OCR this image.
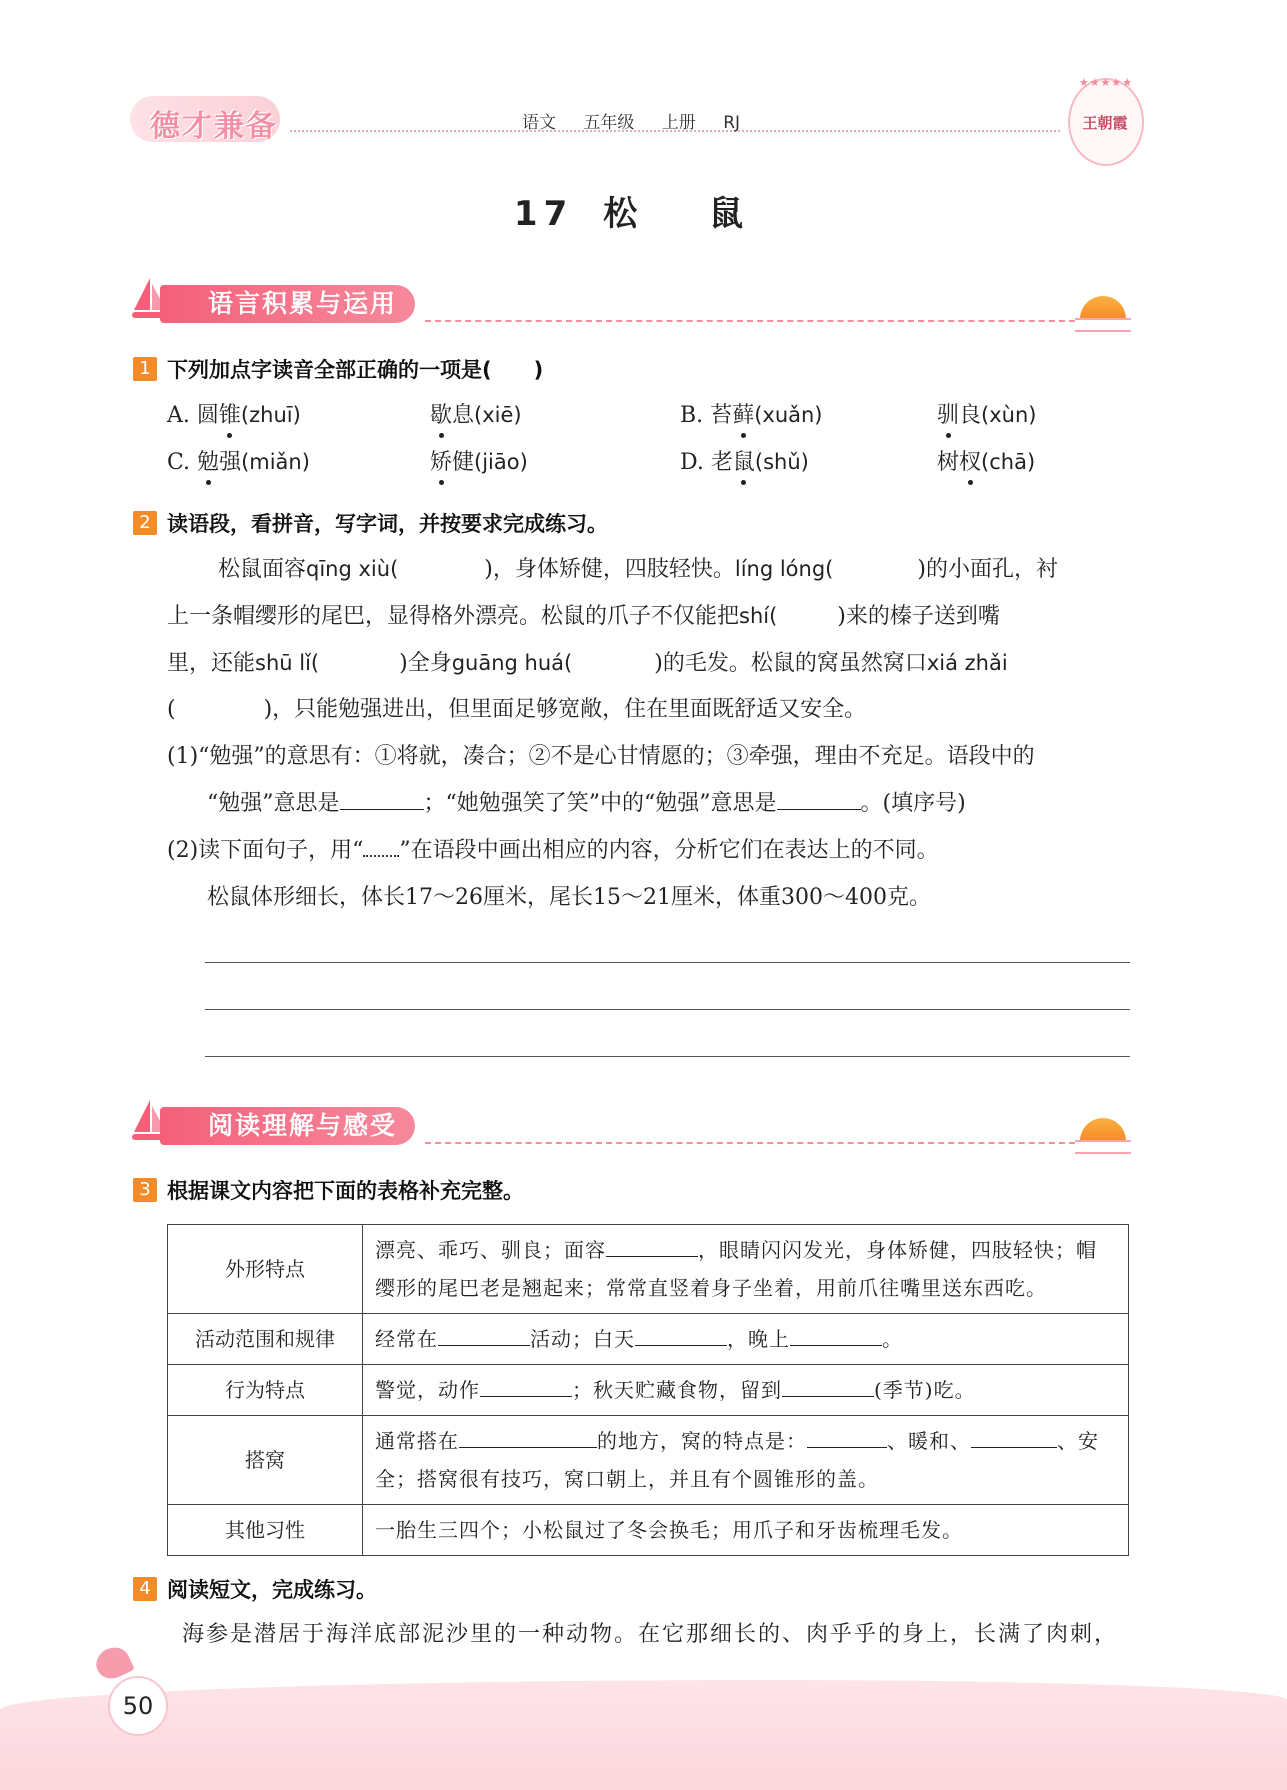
德才兼备	语文 五年级 上册 RJ
★★★★★
王朝霞
17 松 鼠
语言积累与运用
1 下列加点字读音全部正确的一项是(　　)
A. 圆锥(zhuī)	歇息(xiē)	B. 苔藓(xuǎn)	驯良(xùn)
C. 勉强(miǎn)	矫健(jiāo)	D. 老鼠(shǔ)	树杈(chā)
2 读语段，看拼音，写字词，并按要求完成练习。
松鼠面容qīng xiù(	)，身体矫健，四肢轻快。líng lóng(	)的小面孔，衬
上一条帽缨形的尾巴，显得格外漂亮。松鼠的爪子不仅能把shí(	)来的榛子送到嘴
里，还能shū lǐ(	)全身guāng huá(	)的毛发。松鼠的窝虽然窝口xiá zhǎi
(	)，只能勉强进出，但里面足够宽敞，住在里面既舒适又安全。
(1)“勉强”的意思有：①将就，凑合；②不是心甘情愿的；③牵强，理由不充足。语段中的
“勉强”意思是	；“她勉强笑了笑”中的“勉强”意思是	。(填序号)
(2)读下面句子，用“ ”在语段中画出相应的内容，分析它们在表达上的不同。
松鼠体形细长，体长17～26厘米，尾长15～21厘米，体重300～400克。
阅读理解与感受
3 根据课文内容把下面的表格补充完整。
外形特点	漂亮、乖巧、驯良；面容 ，眼睛闪闪发光，身体矫健，四肢轻快；帽
缨形的尾巴老是翘起来；常常直竖着身子坐着，用前爪往嘴里送东西吃。
活动范围和规律	经常在 活动；白天 ，晚上 。
行为特点	警觉，动作 ；秋天贮藏食物，留到 (季节)吃。
搭窝	通常搭在 的地方，窝的特点是： 、暖和、 、安
全；搭窝很有技巧，窝口朝上，并且有个圆锥形的盖。
其他习性	一胎生三四个；小松鼠过了冬会换毛；用爪子和牙齿梳理毛发。
4 阅读短文，完成练习。
海参是潜居于海洋底部泥沙里的一种动物。在它那细长的、肉乎乎的身上，长满了肉刺，
50
